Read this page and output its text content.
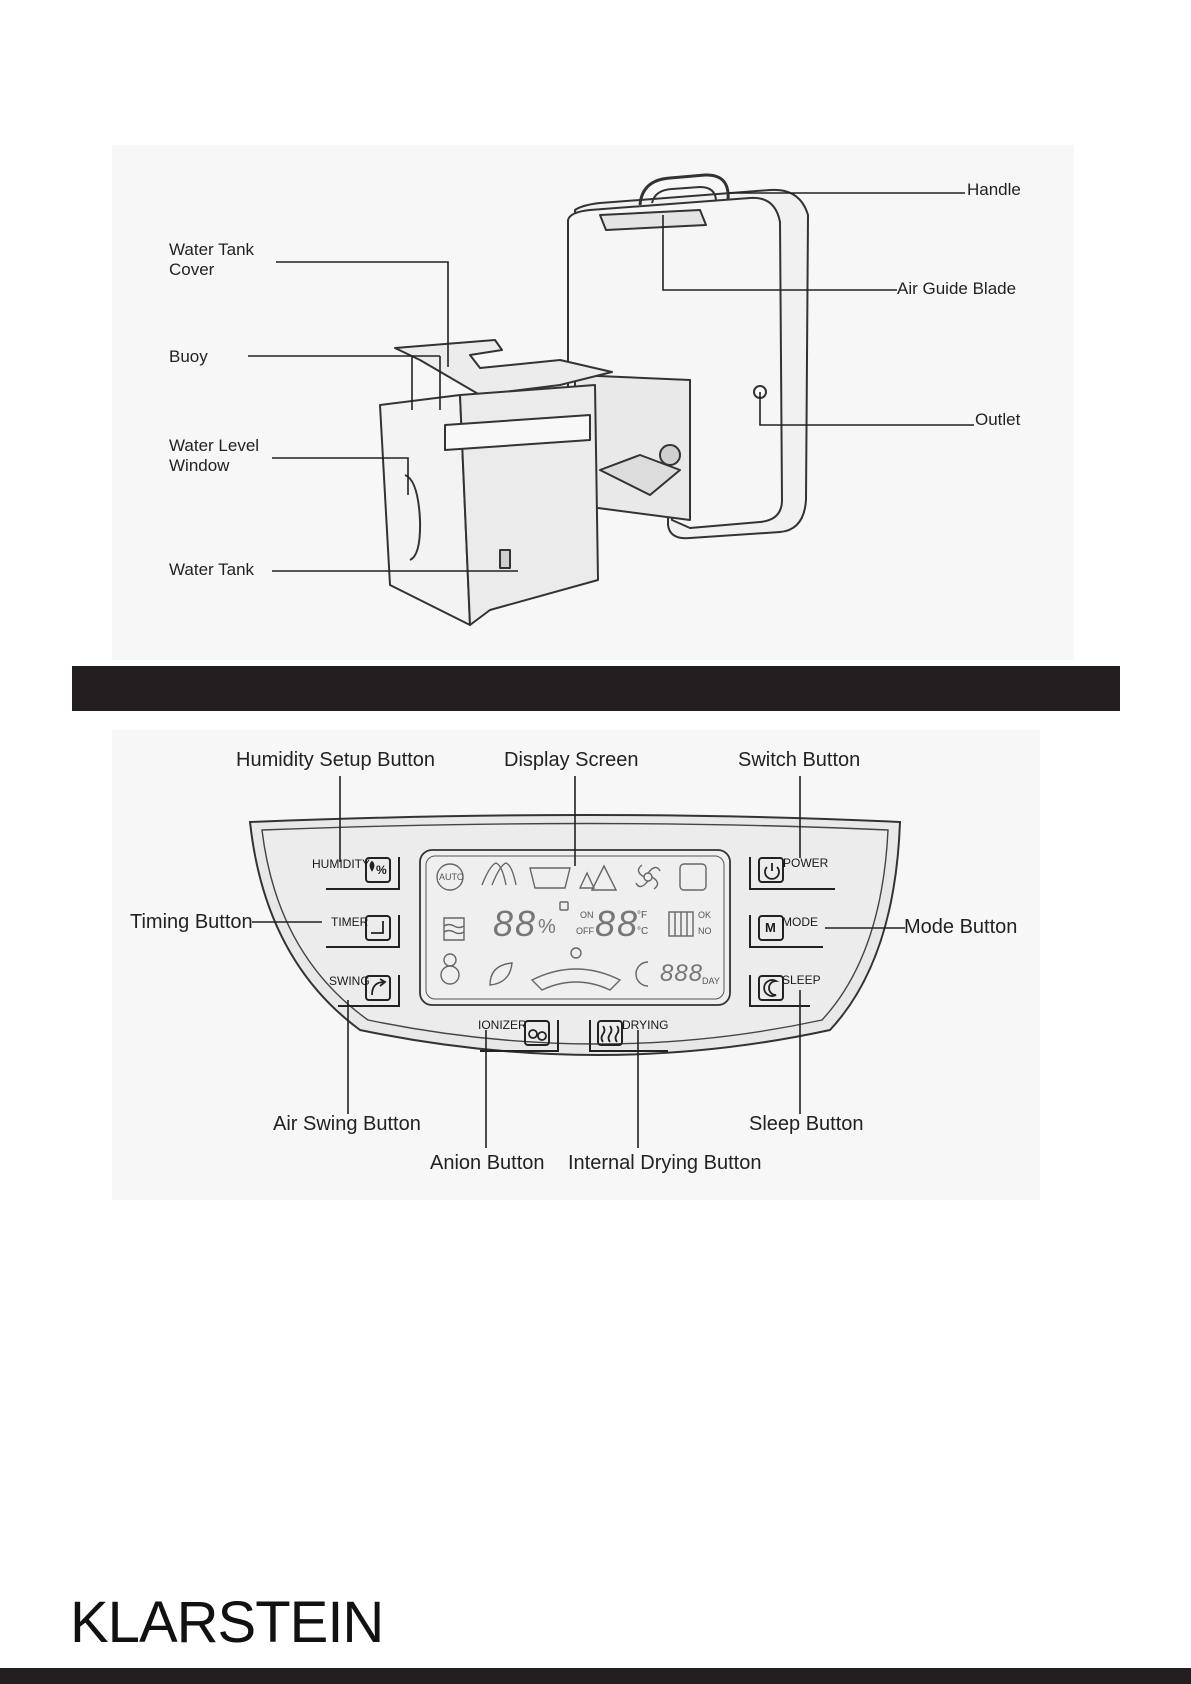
Handle
Air Guide Blade
Outlet
Water Tank
Cover
Buoy
Water Level
Window
Water Tank
HUMIDITY %
TIMER
SWING
POWER
MODE
M
SLEEP
IONIZER	DRYING
AUTO
88 %
ON
OFF 88
°F
°C
OK
NO
888
DAY
Humidity Setup Button	Display Screen	Switch Button
Timing Button	Mode Button
Air Swing Button	Sleep Button
Anion Button Internal Drying Button
KLARSTEIN
